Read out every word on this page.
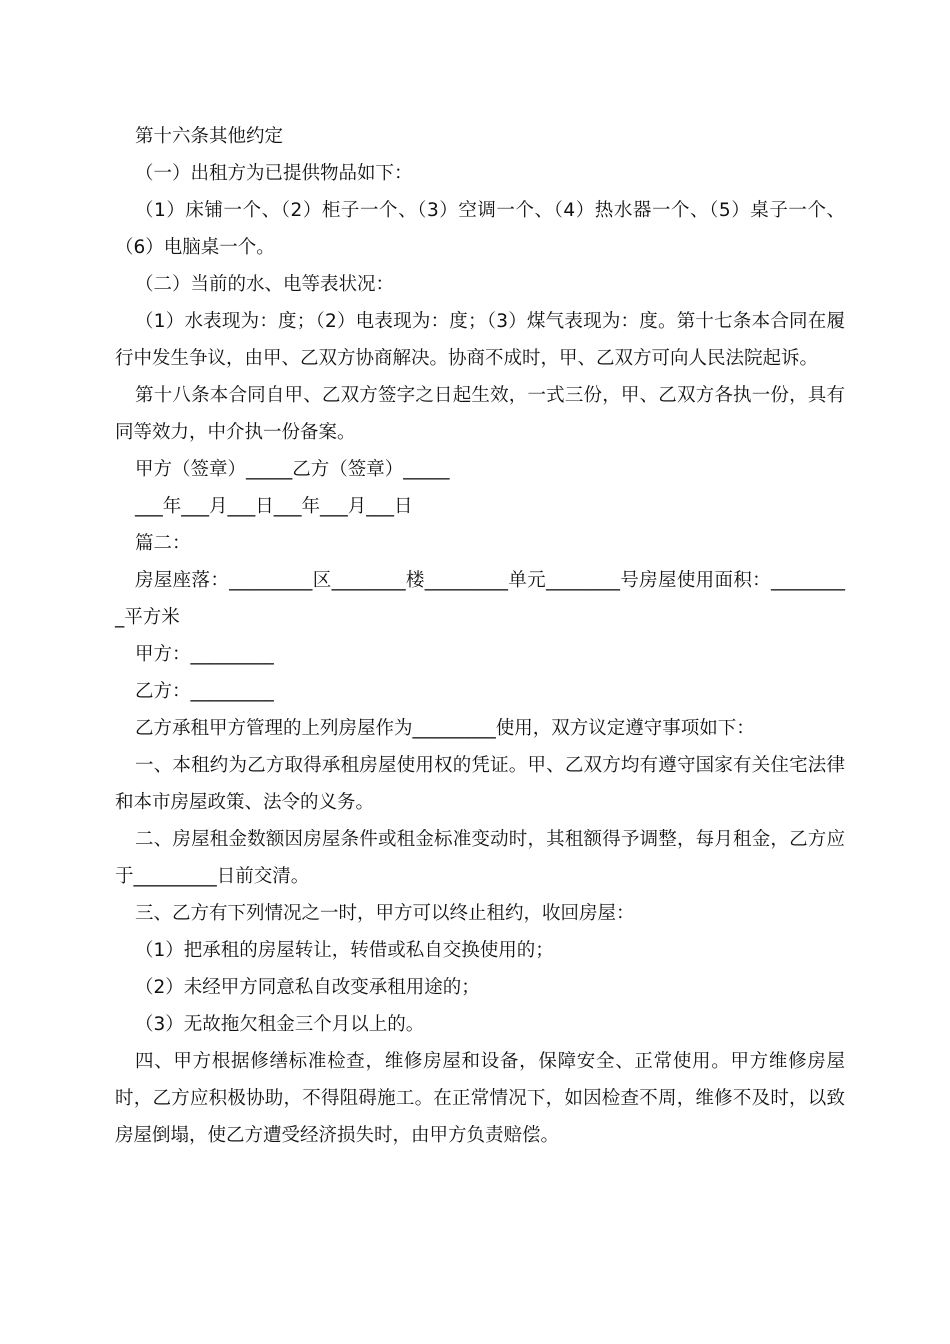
第十六条其他约定

（一）出租方为已提供物品如下：

（1）床铺一个、（2）柜子一个、（3）空调一个、（4）热水器一个、（5）桌子一个、（6）电脑桌一个。

（二）当前的水、电等表状况：

（1）水表现为：度；（2）电表现为：度；（3）煤气表现为：度。第十七条本合同在履行中发生争议，由甲、乙双方协商解决。协商不成时，甲、乙双方可向人民法院起诉。

第十八条本合同自甲、乙双方签字之日起生效，一式三份，甲、乙双方各执一份，具有同等效力，中介执一份备案。

甲方（签章）_____乙方（签章）_____

___年___月___日___年___月___日

篇二：

房屋座落：_________区________楼_________单元________号房屋使用面积：_________平方米

甲方：_________

乙方：_________

乙方承租甲方管理的上列房屋作为_________使用，双方议定遵守事项如下：

一、本租约为乙方取得承租房屋使用权的凭证。甲、乙双方均有遵守国家有关住宅法律和本市房屋政策、法令的义务。

二、房屋租金数额因房屋条件或租金标准变动时，其租额得予调整，每月租金，乙方应于_________日前交清。

三、乙方有下列情况之一时，甲方可以终止租约，收回房屋：

（1）把承租的房屋转让，转借或私自交换使用的；

（2）未经甲方同意私自改变承租用途的；

（3）无故拖欠租金三个月以上的。

四、甲方根据修缮标准检查，维修房屋和设备，保障安全、正常使用。甲方维修房屋时，乙方应积极协助，不得阻碍施工。在正常情况下，如因检查不周，维修不及时，以致房屋倒塌，使乙方遭受经济损失时，由甲方负责赔偿。
